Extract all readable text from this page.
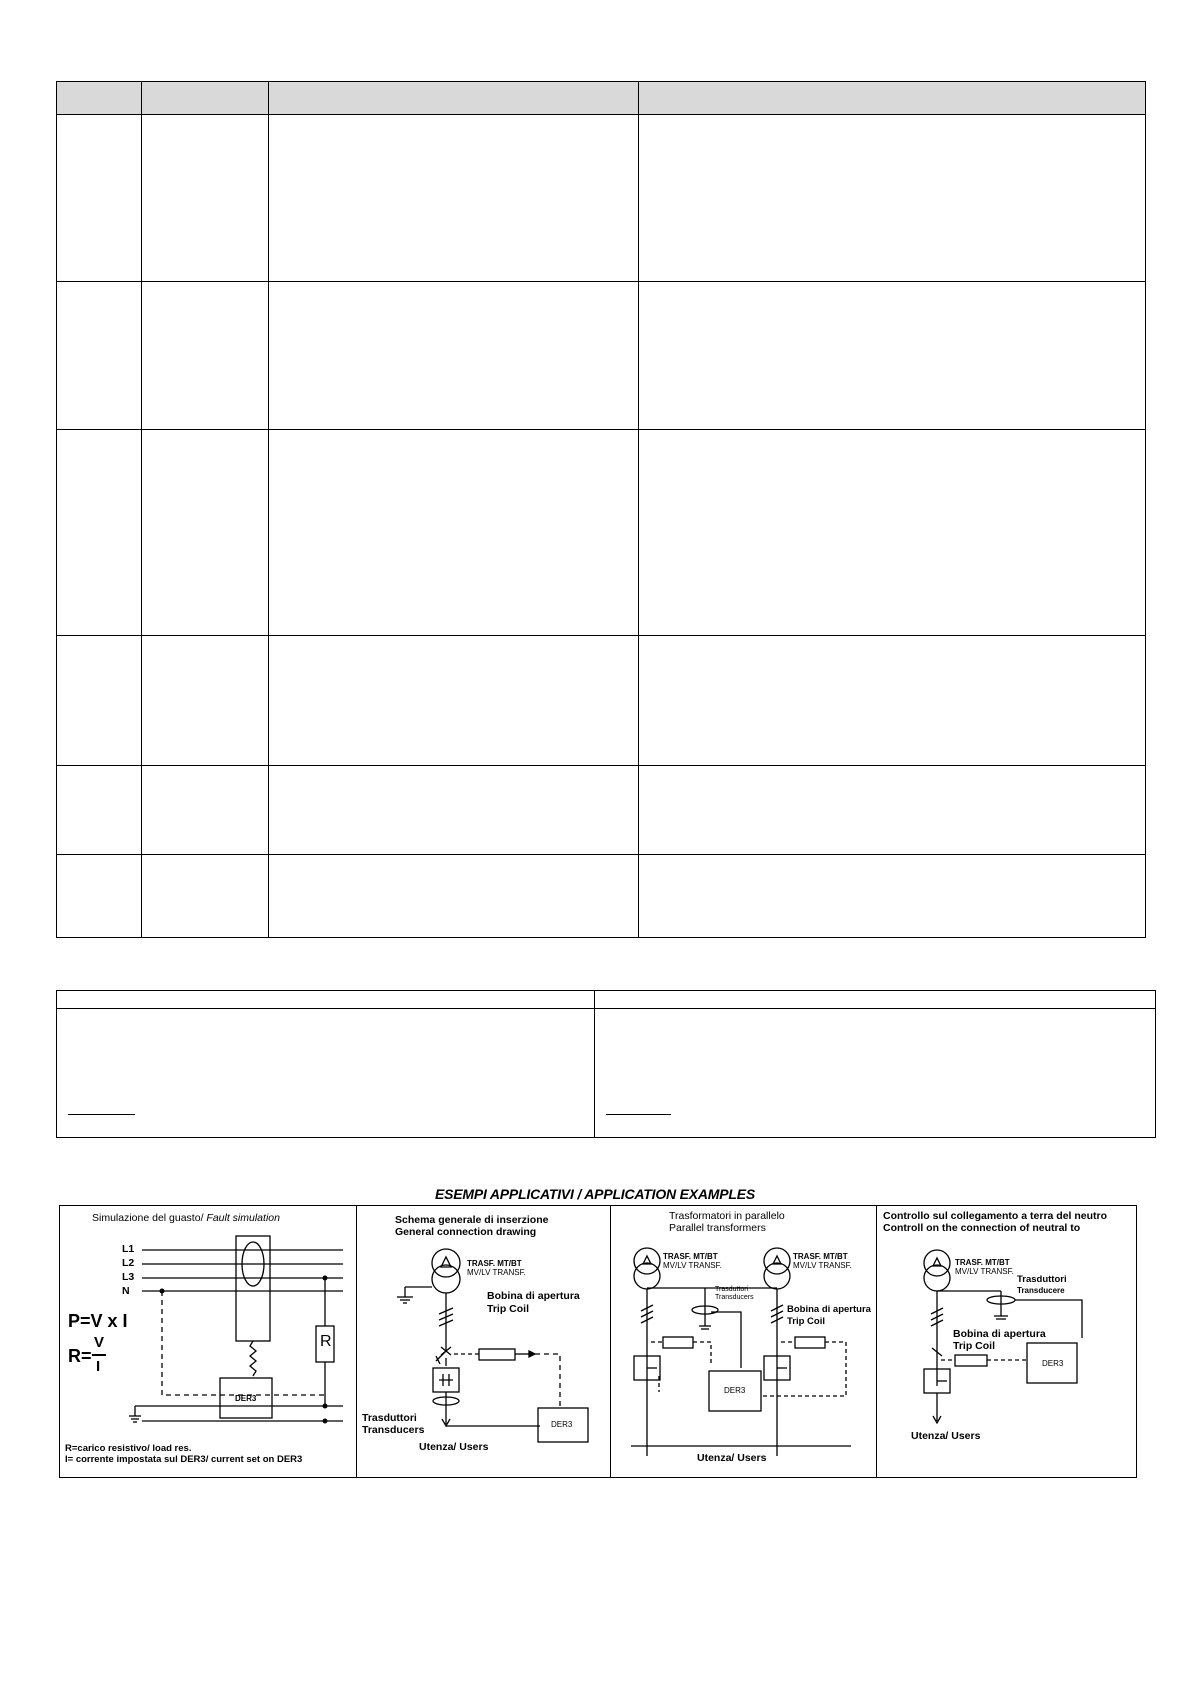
ESEMPI APPLICATIVI / APPLICATION EXAMPLES
Simulazione del guasto/ Fault simulation
L1
L2
L3
N
P=V x I
R=
V
I
R
DER3
R=carico resistivo/ load res.
I= corrente impostata sul DER3/ current set on DER3
Schema generale di inserzione
General connection drawing
TRASF. MT/BT
MV/LV TRANSF.
Bobina di apertura
Trip Coil
Trasduttori
Transducers	DER3
Utenza/ Users
Trasformatori in parallelo
Parallel transformers
TRASF. MT/BT
MV/LV TRANSF.
TRASF. MT/BT
MV/LV TRANSF.
Trasduttori
Transducers
Bobina di apertura
Trip Coil
DER3
Utenza/ Users
Controllo sul collegamento a terra del neutro
Controll on the connection of neutral to
TRASF. MT/BT
MV/LV TRANSF.
Trasduttori
Transducere
Bobina di apertura
Trip Coil
DER3
Utenza/ Users
